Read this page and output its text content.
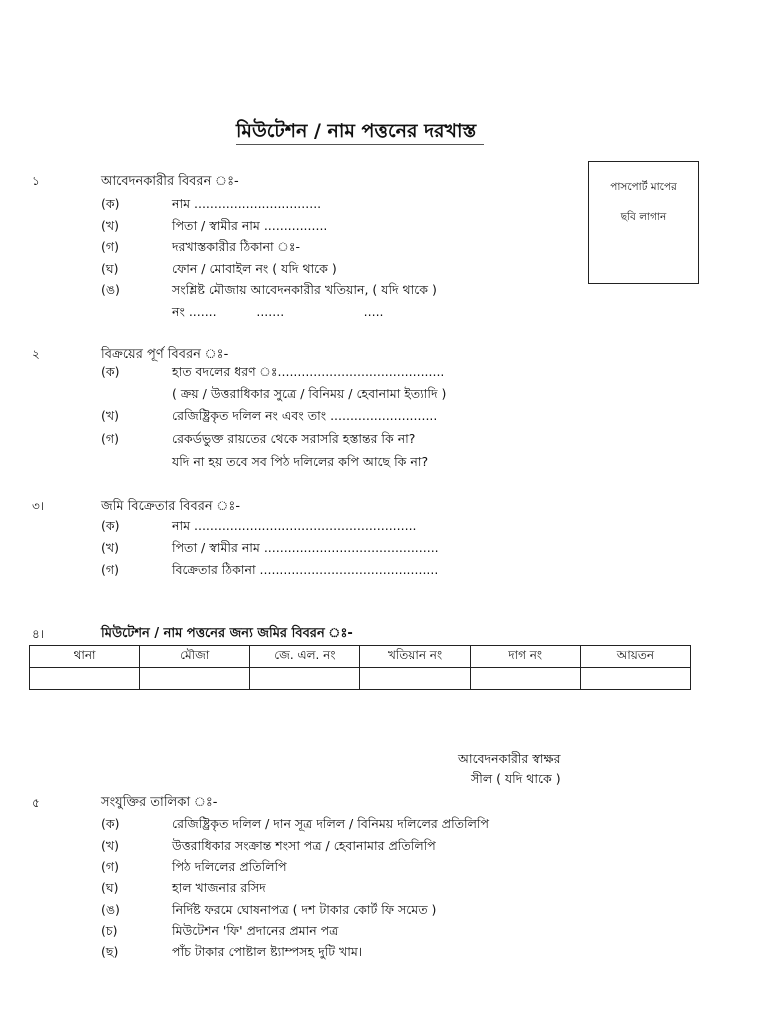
মিউটেশন / নাম পত্তনের দরখাস্ত
পাসপোর্ট মাপের
ছবি লাগান
১	আবেদনকারীর বিবরন ঃ-
(ক)	নাম ................................
(খ)	পিতা / স্বামীর নাম ................
(গ)	দরখাস্তকারীর ঠিকানা ঃ-
(ঘ)	ফোন / মোবাইল নং ( যদি থাকে )
(ঙ)	সংশ্লিষ্ট মৌজায় আবেদনকারীর খতিয়ান, ( যদি থাকে )
নং .......          .......                    .....
২	বিক্রয়ের পূর্ণ বিবরন ঃ-
(ক)	হাত বদলের ধরণ ঃ..........................................
( ক্রয় / উত্তরাধিকার সুত্রে / বিনিময় / হেবানামা ইত্যাদি )
(খ)	রেজিষ্ট্রিকৃত দলিল নং এবং তাং ...........................
(গ)	রেকর্ডভুক্ত রায়তের থেকে সরাসরি হস্তান্তর কি না?
যদি না হয় তবে সব পিঠ দলিলের কপি আছে কি না?
৩।	জমি বিক্রেতার বিবরন ঃ-
(ক)	নাম ........................................................
(খ)	পিতা / স্বামীর নাম ............................................
(গ)	বিক্রেতার ঠিকানা .............................................
৪।	মিউটেশন / নাম পত্তনের জন্য জমির বিবরন ঃ-
থানা	মৌজা	জে. এল. নং	খতিয়ান নং	দাগ নং	আয়তন

আবেদনকারীর স্বাক্ষর
সীল ( যদি থাকে )
৫	সংযুক্তির তালিকা ঃ-
(ক)	রেজিষ্ট্রিকৃত দলিল / দান সূত্র দলিল / বিনিময় দলিলের প্রতিলিপি
(খ)	উত্তরাধিকার সংক্রান্ত শংসা পত্র / হেবানামার প্রতিলিপি
(গ)	পিঠ দলিলের প্রতিলিপি
(ঘ)	হাল খাজনার রসিদ
(ঙ)	নির্দিষ্ট ফরমে ঘোষনাপত্র ( দশ টাকার কোর্ট ফি সমেত )
(চ)	মিউটেশন 'ফি' প্রদানের প্রমান পত্র
(ছ)	পাঁচ টাকার পোষ্টাল ষ্ট্যাম্পসহ দুটি খাম।
